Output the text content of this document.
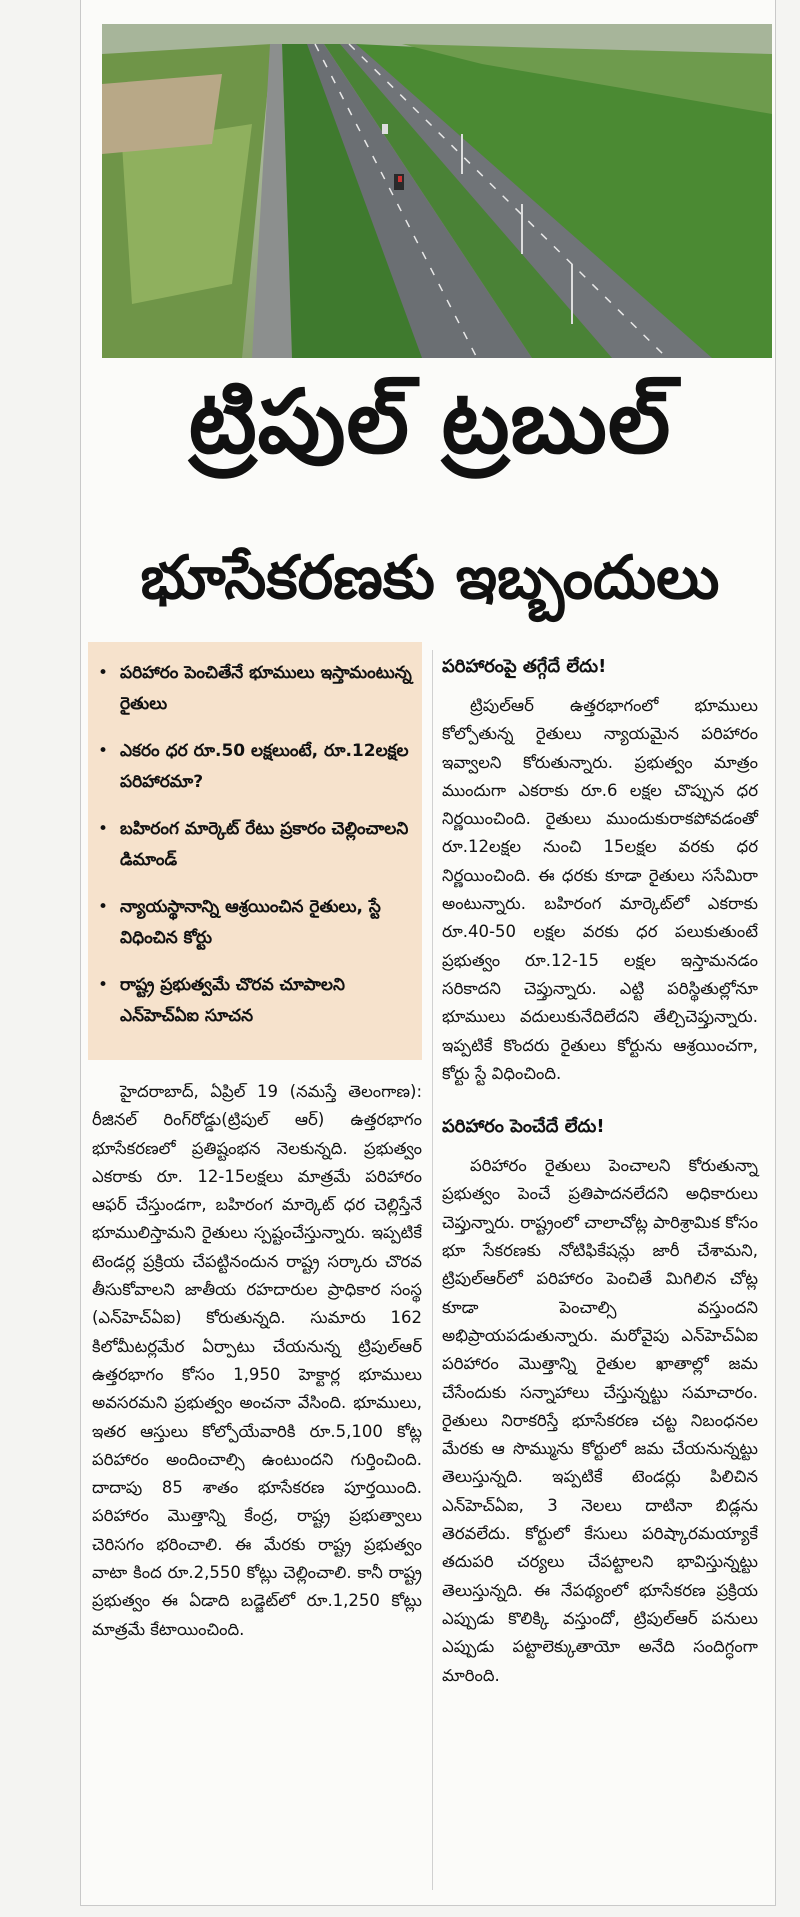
ట్రిపుల్ ట్రబుల్
భూసేకరణకు ఇబ్బందులు
• పరిహారం పెంచితేనే భూములు ఇస్తామంటున్న రైతులు
• ఎకరం ధర రూ.50 లక్షలుంటే, రూ.12లక్షల పరిహారమా?
• బహిరంగ మార్కెట్ రేటు ప్రకారం చెల్లించాలని డిమాండ్
• న్యాయస్థానాన్ని ఆశ్రయించిన రైతులు, స్టే విధించిన కోర్టు
• రాష్ట్ర ప్రభుత్వమే చొరవ చూపాలని ఎన్‌హెచ్ఏఐ సూచన

హైదరాబాద్, ఏప్రిల్ 19 (నమస్తే తెలంగాణ): రీజినల్ రింగ్‌రోడ్డు(ట్రిపుల్ ఆర్) ఉత్తరభాగం భూసేకరణలో ప్రతిష్టంభన నెలకున్నది. ప్రభుత్వం ఎకరాకు రూ. 12-15లక్షలు మాత్రమే పరిహారం ఆఫర్ చేస్తుండగా, బహిరంగ మార్కెట్ ధర చెల్లిస్తేనే భూములిస్తామని రైతులు స్పష్టంచేస్తున్నారు. ఇప్పటికే టెండర్ల ప్రక్రియ చేపట్టినందున రాష్ట్ర సర్కారు చొరవ తీసుకోవాలని జాతీయ రహదారుల ప్రాధికార సంస్థ (ఎన్‌హెచ్ఏఐ) కోరుతున్నది. సుమారు 162 కిలోమీటర్లమేర ఏర్పాటు చేయనున్న ట్రిపుల్‌ఆర్ ఉత్తరభాగం కోసం 1,950 హెక్టార్ల భూములు అవసరమని ప్రభుత్వం అంచనా వేసింది. భూములు, ఇతర ఆస్తులు కోల్పోయేవారికి రూ.5,100 కోట్ల పరిహారం అందించాల్సి ఉంటుందని గుర్తించింది. దాదాపు 85 శాతం భూసేకరణ పూర్తయింది. పరిహారం మొత్తాన్ని కేంద్ర, రాష్ట్ర ప్రభుత్వాలు చెరిసగం భరించాలి. ఈ మేరకు రాష్ట్ర ప్రభుత్వం వాటా కింద రూ.2,550 కోట్లు చెల్లించాలి. కానీ రాష్ట్ర ప్రభుత్వం ఈ ఏడాది బడ్జెట్‌లో రూ.1,250 కోట్లు మాత్రమే కేటాయించింది.

పరిహారంపై తగ్గేదే లేదు!

ట్రిపుల్‌ఆర్ ఉత్తరభాగంలో భూములు కోల్పోతున్న రైతులు న్యాయమైన పరిహారం ఇవ్వాలని కోరుతున్నారు. ప్రభుత్వం మాత్రం ముందుగా ఎకరాకు రూ.6 లక్షల చొప్పున ధర నిర్ణయించింది. రైతులు ముందుకురాకపోవడంతో రూ.12లక్షల నుంచి 15లక్షల వరకు ధర నిర్ణయించింది. ఈ ధరకు కూడా రైతులు ససేమిరా అంటున్నారు. బహిరంగ మార్కెట్‌లో ఎకరాకు రూ.40-50 లక్షల వరకు ధర పలుకుతుంటే ప్రభుత్వం రూ.12-15 లక్షల ఇస్తామనడం సరికాదని చెప్తున్నారు. ఎట్టి పరిస్థితుల్లోనూ భూములు వదులుకునేదిలేదని తేల్చిచెప్తున్నారు. ఇప్పటికే కొందరు రైతులు కోర్టును ఆశ్రయించగా, కోర్టు స్టే విధించింది.

పరిహారం పెంచేదే లేదు!

పరిహారం రైతులు పెంచాలని కోరుతున్నా ప్రభుత్వం పెంచే ప్రతిపాదనలేదని అధికారులు చెప్తున్నారు. రాష్ట్రంలో చాలాచోట్ల పారిశ్రామిక కోసం భూ సేకరణకు నోటిఫికేషన్లు జారీ చేశామని, ట్రిపుల్‌ఆర్‌లో పరిహారం పెంచితే మిగిలిన చోట్ల కూడా పెంచాల్సి వస్తుందని అభిప్రాయపడుతున్నారు. మరోవైపు ఎన్‌హెచ్ఏఐ పరిహారం మొత్తాన్ని రైతుల ఖాతాల్లో జమ చేసేందుకు సన్నాహాలు చేస్తున్నట్టు సమాచారం. రైతులు నిరాకరిస్తే భూసేకరణ చట్ట నిబంధనల మేరకు ఆ సొమ్మును కోర్టులో జమ చేయనున్నట్టు తెలుస్తున్నది. ఇప్పటికే టెండర్లు పిలిచిన ఎన్‌హెచ్ఏఐ, 3 నెలలు దాటినా బిడ్లను తెరవలేదు. కోర్టులో కేసులు పరిష్కారమయ్యాకే తదుపరి చర్యలు చేపట్టాలని భావిస్తున్నట్టు తెలుస్తున్నది. ఈ నేపథ్యంలో భూసేకరణ ప్రక్రియ ఎప్పుడు కొలిక్కి వస్తుందో, ట్రిపుల్‌ఆర్ పనులు ఎప్పుడు పట్టాలెక్కుతాయో అనేది సందిగ్ధంగా మారింది.
